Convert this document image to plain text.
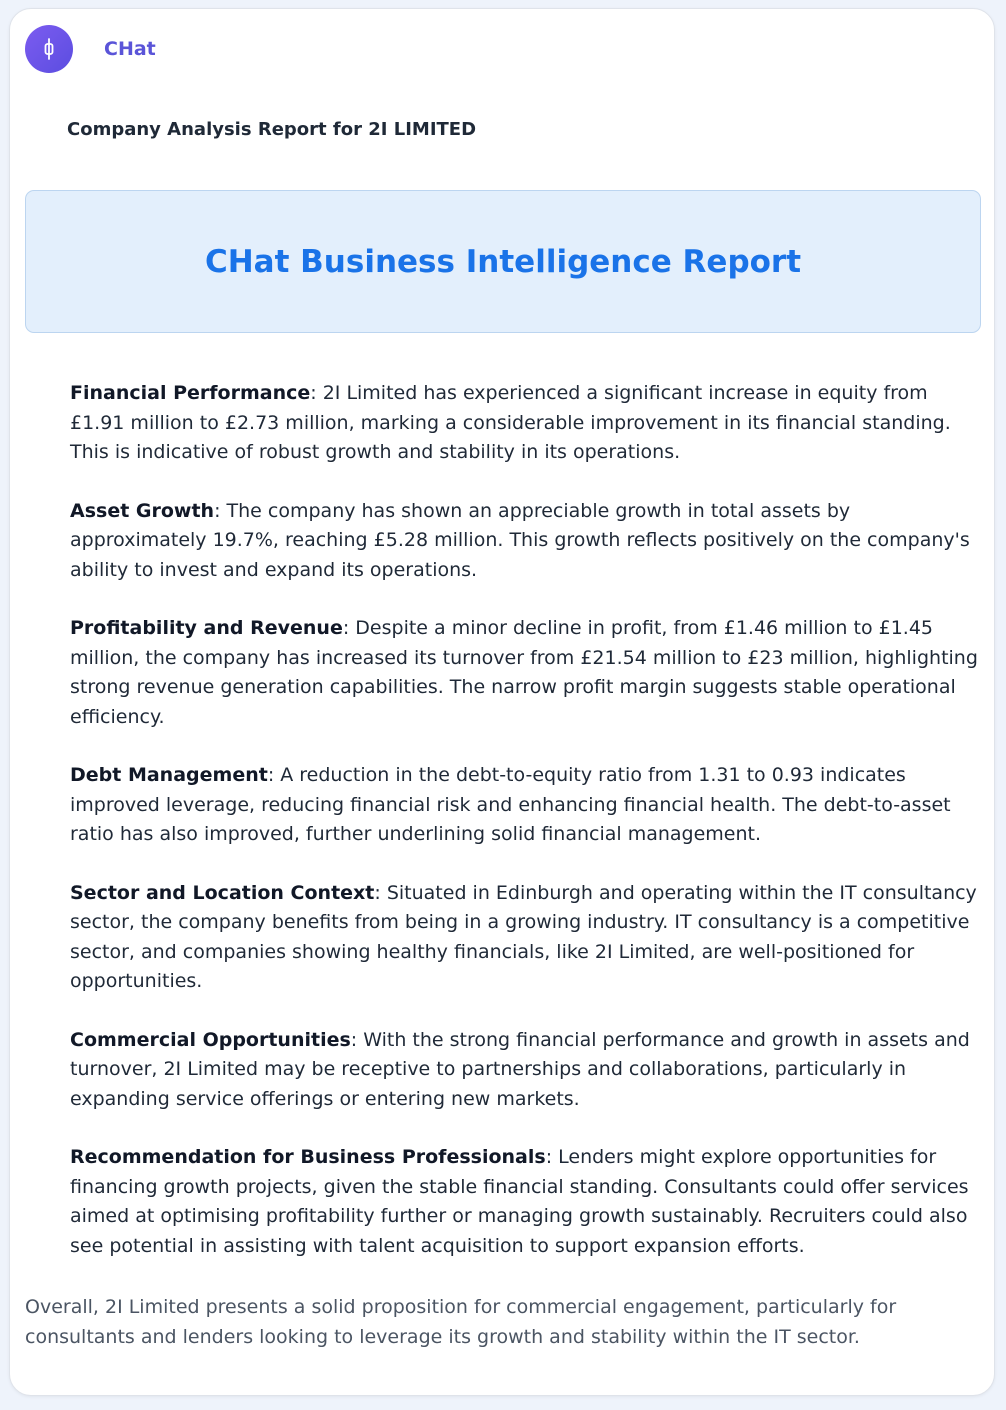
CHat
Company Analysis Report for 2I LIMITED
CHat Business Intelligence Report

Financial Performance: 2I Limited has experienced a significant increase in equity from £1.91 million to £2.73 million, marking a considerable improvement in its financial standing. This is indicative of robust growth and stability in its operations.

Asset Growth: The company has shown an appreciable growth in total assets by approximately 19.7%, reaching £5.28 million. This growth reflects positively on the company's ability to invest and expand its operations.

Profitability and Revenue: Despite a minor decline in profit, from £1.46 million to £1.45 million, the company has increased its turnover from £21.54 million to £23 million, highlighting strong revenue generation capabilities. The narrow profit margin suggests stable operational efficiency.

Debt Management: A reduction in the debt-to-equity ratio from 1.31 to 0.93 indicates improved leverage, reducing financial risk and enhancing financial health. The debt-to-asset ratio has also improved, further underlining solid financial management.

Sector and Location Context: Situated in Edinburgh and operating within the IT consultancy sector, the company benefits from being in a growing industry. IT consultancy is a competitive sector, and companies showing healthy financials, like 2I Limited, are well-positioned for opportunities.

Commercial Opportunities: With the strong financial performance and growth in assets and turnover, 2I Limited may be receptive to partnerships and collaborations, particularly in expanding service offerings or entering new markets.

Recommendation for Business Professionals: Lenders might explore opportunities for financing growth projects, given the stable financial standing. Consultants could offer services aimed at optimising profitability further or managing growth sustainably. Recruiters could also see potential in assisting with talent acquisition to support expansion efforts.

Overall, 2I Limited presents a solid proposition for commercial engagement, particularly for consultants and lenders looking to leverage its growth and stability within the IT sector.
